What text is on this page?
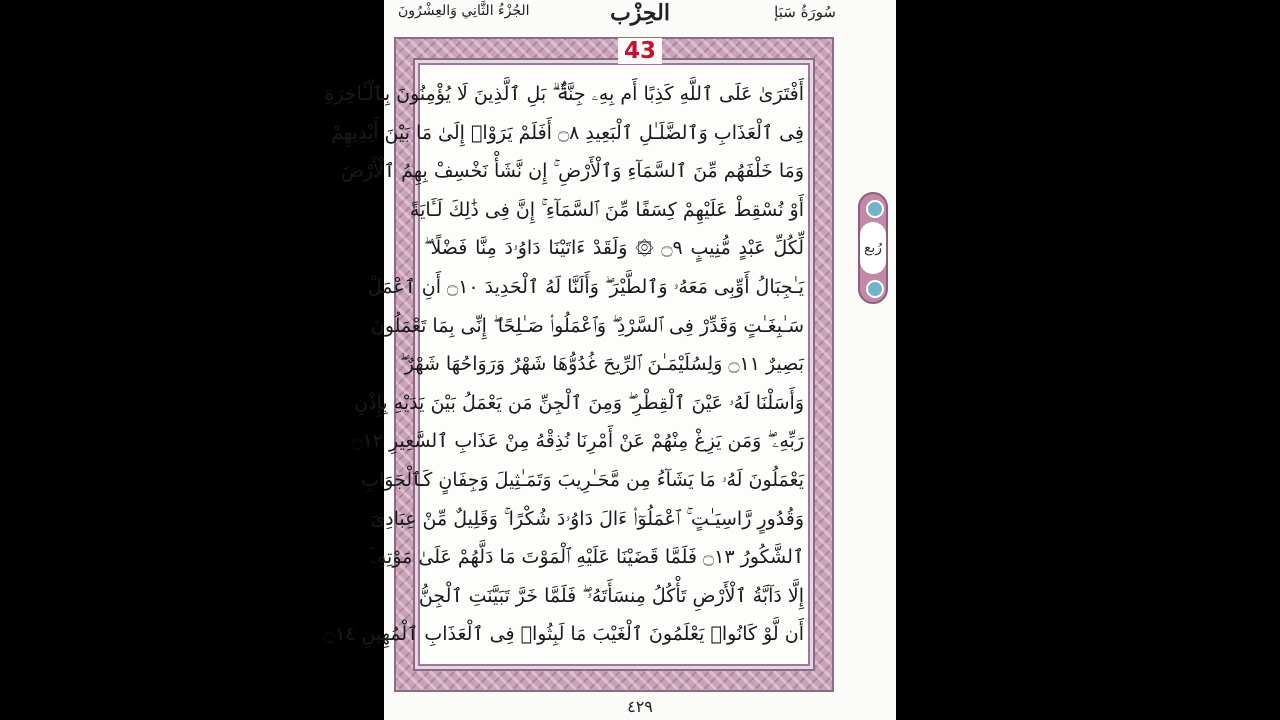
سُورَةُ سَبَإ
الحِزْب
الجُزْءُ الثَّانِي وَالعِشْرُونَ
أَفْتَرَىٰ عَلَى ٱللَّهِ كَذِبًا أَم بِهِۦ جِنَّةٌۢ ۗ بَلِ ٱلَّذِينَ لَا يُؤْمِنُونَ بِٱلْـَٔاخِرَةِ
فِى ٱلْعَذَابِ وَٱلضَّلَـٰلِ ٱلْبَعِيدِ ۝٨ أَفَلَمْ يَرَوْا۟ إِلَىٰ مَا بَيْنَ أَيْدِيهِمْ
وَمَا خَلْفَهُم مِّنَ ٱلسَّمَآءِ وَٱلْأَرْضِ ۚ إِن نَّشَأْ نَخْسِفْ بِهِمُ ٱلْأَرْضَ
أَوْ نُسْقِطْ عَلَيْهِمْ كِسَفًا مِّنَ ٱلسَّمَآءِ ۚ إِنَّ فِى ذَٰلِكَ لَـَٔايَةً
لِّكُلِّ عَبْدٍ مُّنِيبٍ ۝٩ ۞ وَلَقَدْ ءَاتَيْنَا دَاوُۥدَ مِنَّا فَضْلًا ۖ
يَـٰجِبَالُ أَوِّبِى مَعَهُۥ وَٱلطَّيْرَ ۖ وَأَلَنَّا لَهُ ٱلْحَدِيدَ ۝١٠ أَنِ ٱعْمَلْ
سَـٰبِغَـٰتٍ وَقَدِّرْ فِى ٱلسَّرْدِ ۖ وَٱعْمَلُوا۟ صَـٰلِحًا ۖ إِنِّى بِمَا تَعْمَلُونَ
بَصِيرٌ ۝١١ وَلِسُلَيْمَـٰنَ ٱلرِّيحَ غُدُوُّهَا شَهْرٌ وَرَوَاحُهَا شَهْرٌ ۖ
وَأَسَلْنَا لَهُۥ عَيْنَ ٱلْقِطْرِ ۖ وَمِنَ ٱلْجِنِّ مَن يَعْمَلُ بَيْنَ يَدَيْهِ بِإِذْنِ
رَبِّهِۦ ۖ وَمَن يَزِغْ مِنْهُمْ عَنْ أَمْرِنَا نُذِقْهُ مِنْ عَذَابِ ٱلسَّعِيرِ ۝١٢
يَعْمَلُونَ لَهُۥ مَا يَشَآءُ مِن مَّحَـٰرِيبَ وَتَمَـٰثِيلَ وَجِفَانٍ كَٱلْجَوَابِ
وَقُدُورٍ رَّاسِيَـٰتٍ ۚ ٱعْمَلُوٓا۟ ءَالَ دَاوُۥدَ شُكْرًا ۚ وَقَلِيلٌ مِّنْ عِبَادِىَ
ٱلشَّكُورُ ۝١٣ فَلَمَّا قَضَيْنَا عَلَيْهِ ٱلْمَوْتَ مَا دَلَّهُمْ عَلَىٰ مَوْتِهِۦٓ
إِلَّا دَآبَّةُ ٱلْأَرْضِ تَأْكُلُ مِنسَأَتَهُۥ ۖ فَلَمَّا خَرَّ تَبَيَّنَتِ ٱلْجِنُّ
أَن لَّوْ كَانُوا۟ يَعْلَمُونَ ٱلْغَيْبَ مَا لَبِثُوا۟ فِى ٱلْعَذَابِ ٱلْمُهِينِ ۝١٤
43
رُبع
٤٢٩
